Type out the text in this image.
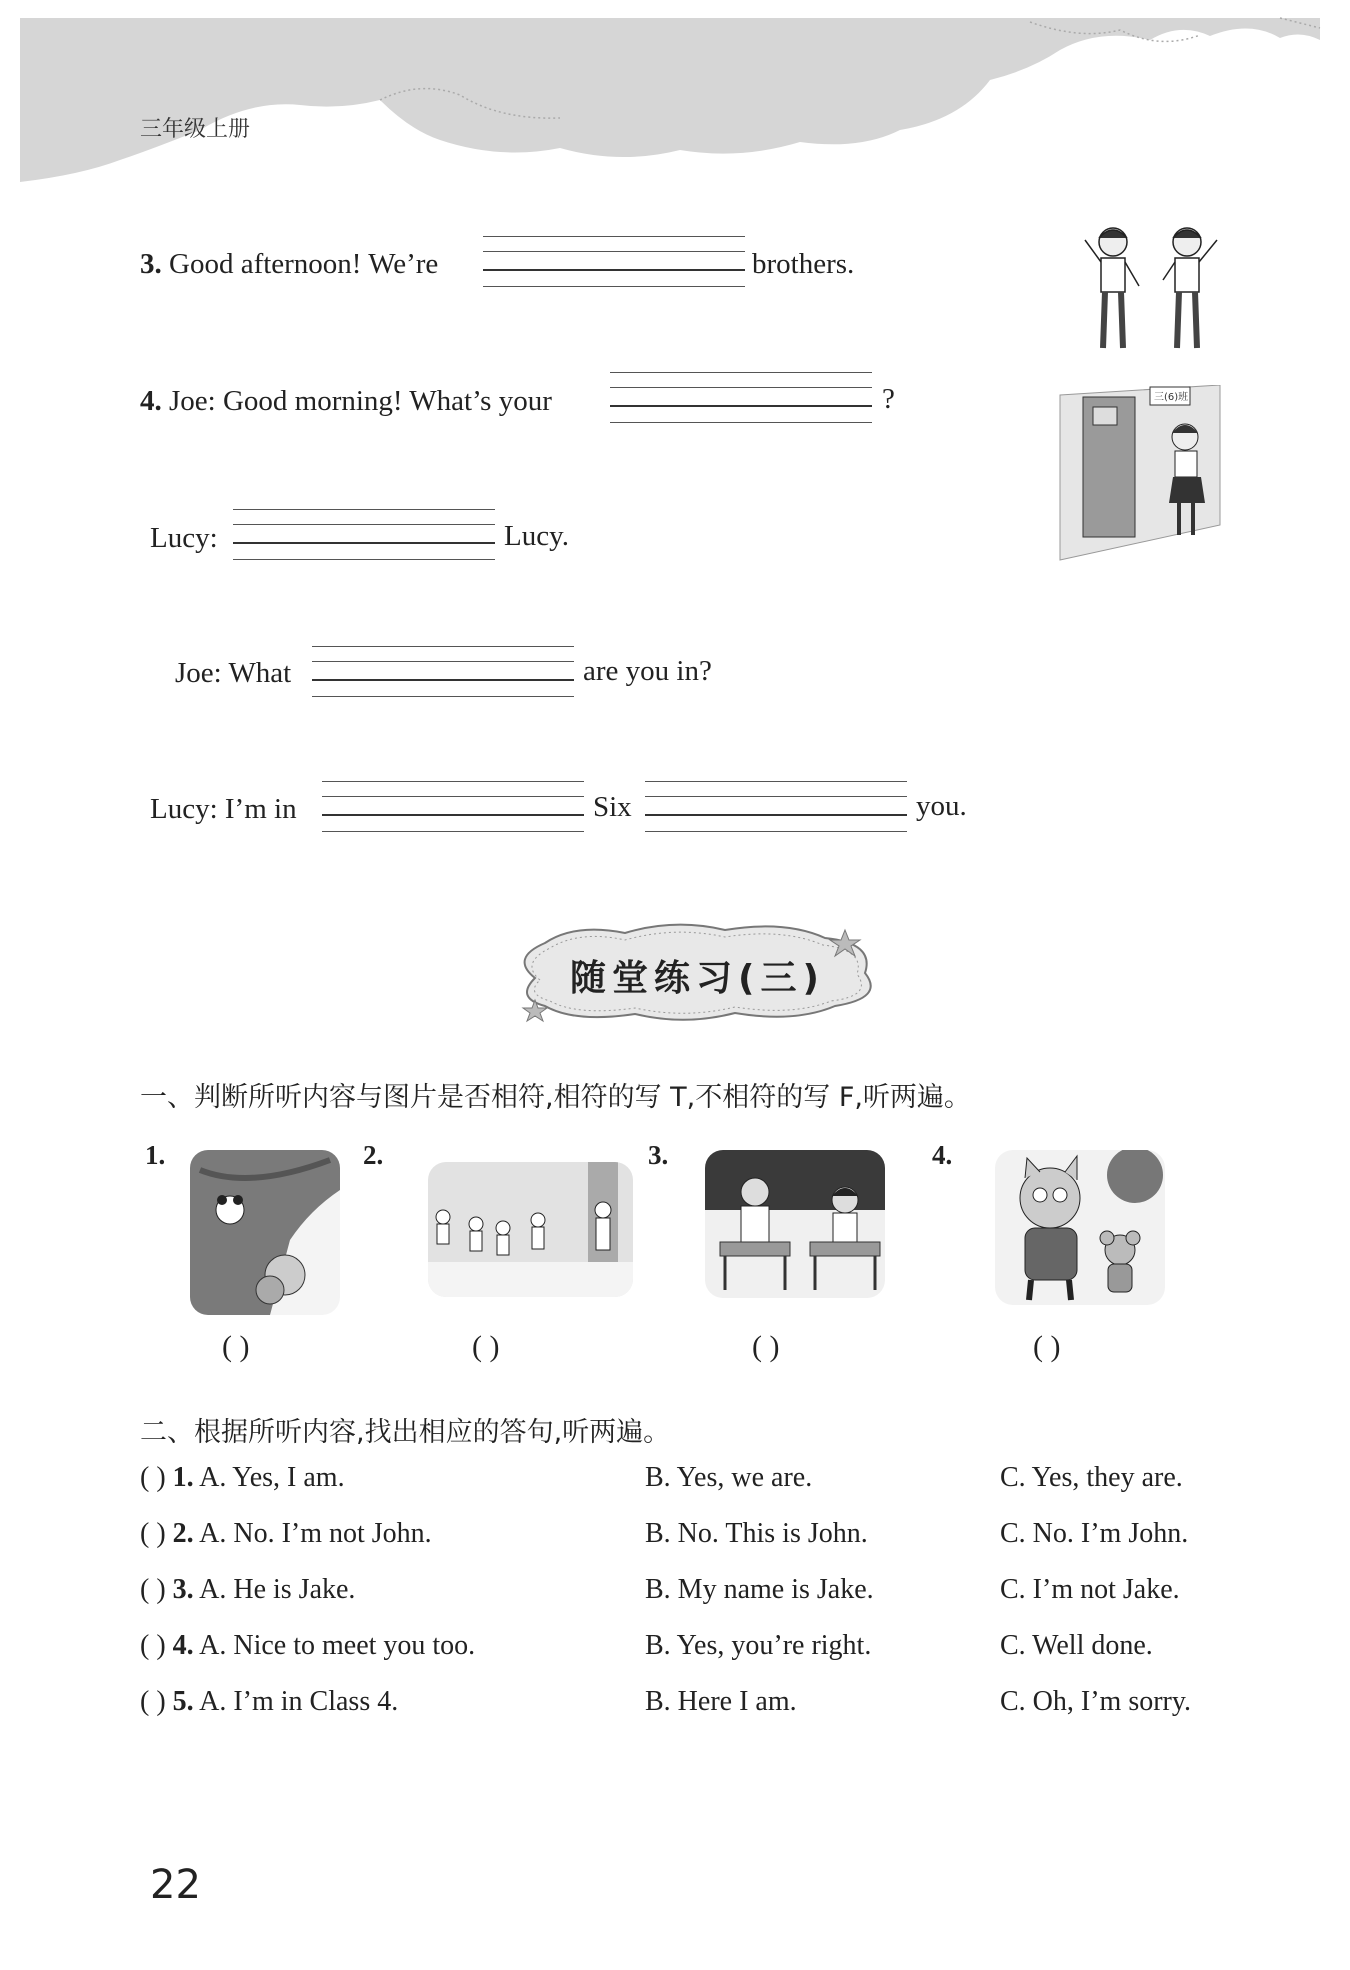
三年级上册
3. Good afternoon! We’re	brothers.
4. Joe: Good morning! What’s your	?	三(6)班
Lucy:	Lucy.
Joe: What	are you in?
Lucy: I’m in	Six	you.
随堂练习(三)
一、判断所听内容与图片是否相符,相符的写 T,不相符的写 F,听两遍。
1.
( )
2.
( )
3.
( )
4.
( )
二、根据所听内容,找出相应的答句,听两遍。
( ) 1. A. Yes, I am.	B. Yes, we are.	C. Yes, they are.
( ) 2. A. No. I’m not John.	B. No. This is John.	C. No. I’m John.
( ) 3. A. He is Jake.	B. My name is Jake.	C. I’m not Jake.
( ) 4. A. Nice to meet you too.	B. Yes, you’re right.	C. Well done.
( ) 5. A. I’m in Class 4.	B. Here I am.	C. Oh, I’m sorry.
22
